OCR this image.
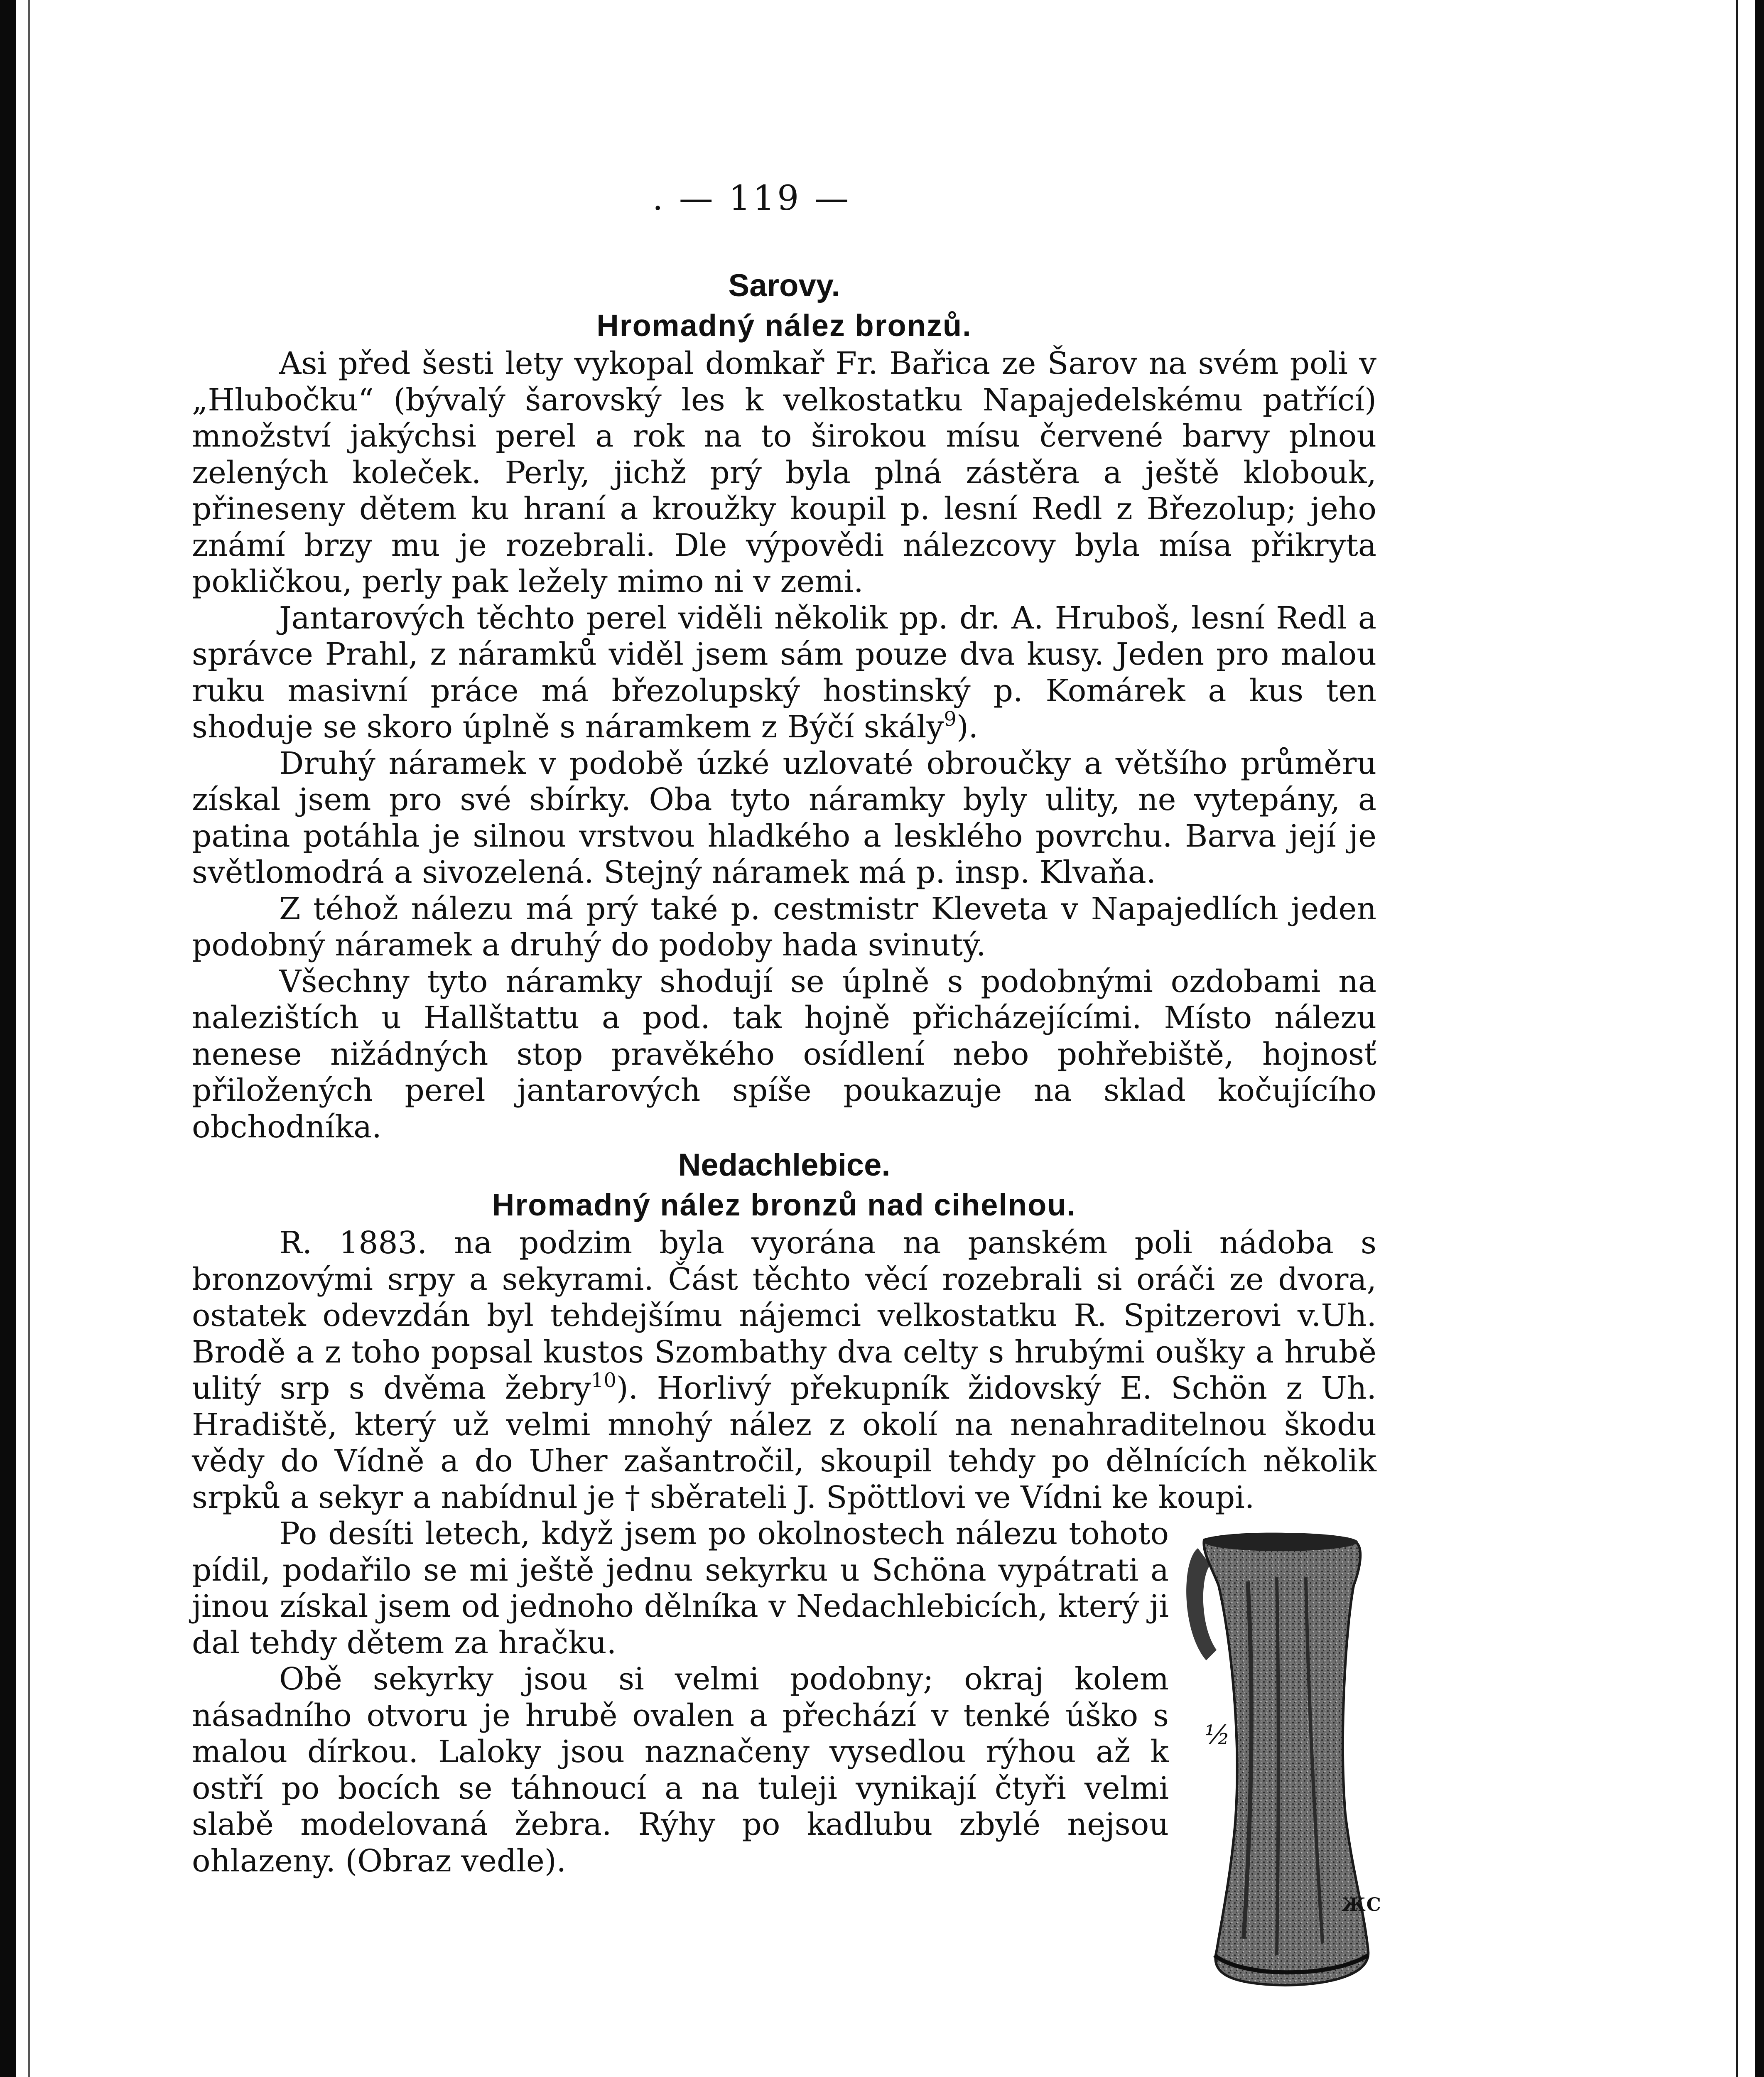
. — 119 —
Sarovy.
Hromadný nález bronzů.

Asi před šesti lety vykopal domkař Fr. Bařica ze Šarov na svém poli v „Hlubočku“ (bývalý šarovský les k velkostatku Napajedelskému patřící) množství jakýchsi perel a rok na to širokou mísu červené barvy plnou zelených koleček. Perly, jichž prý byla plná zástěra a ještě klobouk, přineseny dětem ku hraní a kroužky koupil p. lesní Redl z Březolup; jeho známí brzy mu je rozebrali. Dle výpovědi nálezcovy byla mísa přikryta pokličkou, perly pak ležely mimo ni v zemi.

Jantarových těchto perel viděli několik pp. dr. A. Hruboš, lesní Redl a správce Prahl, z náramků viděl jsem sám pouze dva kusy. Jeden pro malou ruku masivní práce má březolupský hostinský p. Komárek a kus ten shoduje se skoro úplně s náramkem z Býčí skály$^9$).

Druhý náramek v podobě úzké uzlovaté obroučky a většího průměru získal jsem pro své sbírky. Oba tyto náramky byly ulity, ne vytepány, a patina potáhla je silnou vrstvou hladkého a lesklého povrchu. Barva její je světlomodrá a sivozelená. Stejný náramek má p. insp. Klvaňa.

Z téhož nálezu má prý také p. cestmistr Kleveta v Napajedlích jeden podobný náramek a druhý do podoby hada svinutý.

Všechny tyto náramky shodují se úplně s podobnými ozdobami na nalezištích u Hallštattu a pod. tak hojně přicházejícími. Místo nálezu nenese nižádných stop pravěkého osídlení nebo pohřebiště, hojnosť přiložených perel jantarových spíše poukazuje na sklad kočujícího obchodníka.

Nedachlebice.
Hromadný nález bronzů nad cihelnou.

R. 1883. na podzim byla vyorána na panském poli nádoba s bronzovými srpy a sekyrami. Část těchto věcí rozebrali si oráči ze dvora, ostatek odevzdán byl tehdejšímu nájemci velkostatku R. Spitzerovi v.Uh. Brodě a z toho popsal kustos Szombathy dva celty s hrubými oušky a hrubě ulitý srp s dvěma žebry$^{10}$). Horlivý překupník židovský E. Schön z Uh. Hradiště, který už velmi mnohý nález z okolí na nenahraditelnou škodu vědy do Vídně a do Uher zašantročil, skoupil tehdy po dělnících několik srpků a sekyr a nabídnul je † sběrateli J. Spöttlovi ve Vídni ke koupi.

Po desíti letech, když jsem po okolnostech nálezu tohoto pídil, podařilo se mi ještě jednu sekyrku u Schöna vypátrati a jinou získal jsem od jednoho dělníka v Nedachlebicích, který ji dal tehdy dětem za hračku.

Obě sekyrky jsou si velmi podobny; okraj kolem násadního otvoru je hrubě ovalen a přechází v tenké úško s malou dírkou. Laloky jsou naznačeny vysedlou rýhou až k ostří po bocích se táhnoucí a na tuleji vynikají čtyři velmi slabě modelovaná žebra. Rýhy po kadlubu zbylé nejsou ohlazeny. (Obraz vedle).

½
ЖС
